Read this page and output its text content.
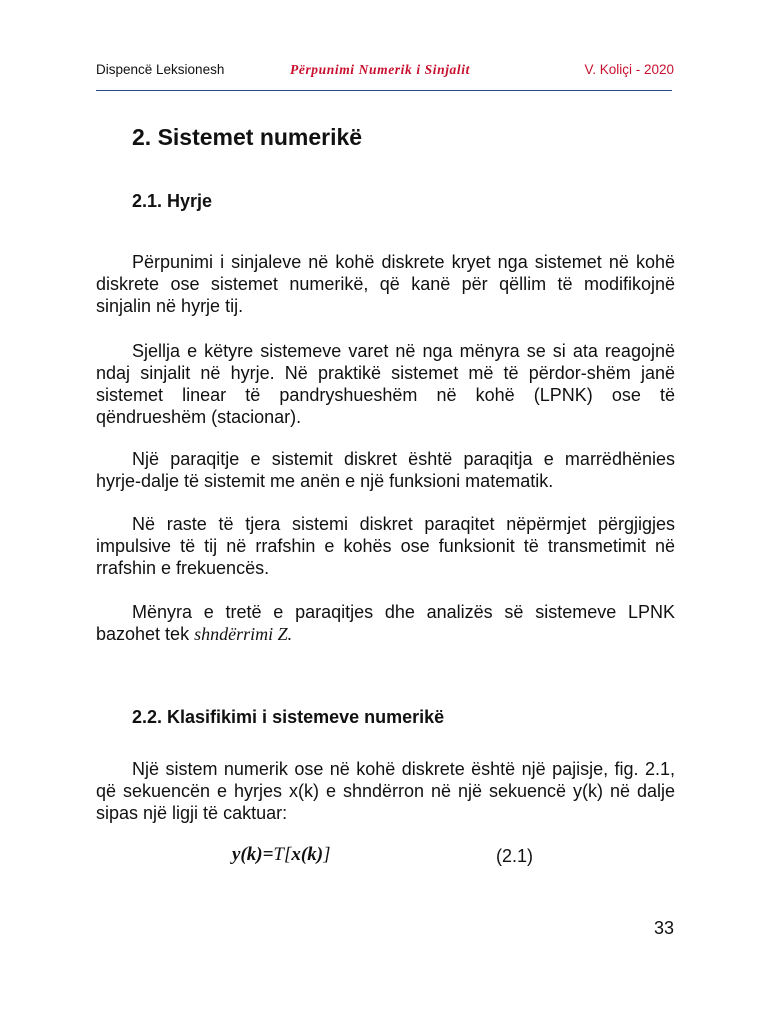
Dispencë Leksionesh	Përpunimi Numerik i Sinjalit	V. Koliçi - 2020
2. Sistemet numerikë
2.1. Hyrje

Përpunimi i sinjaleve në kohë diskrete kryet nga sistemet në kohë diskrete ose sistemet numerikë, që kanë për qëllim të modifikojnë sinjalin në hyrje tij.

Sjellja e këtyre sistemeve varet në nga mënyra se si ata reagojnë ndaj sinjalit në hyrje. Në praktikë sistemet më të përdor-shëm janë sistemet linear të pandryshueshëm në kohë (LPNK) ose të qëndrueshëm (stacionar).

Një paraqitje e sistemit diskret është paraqitja e marrëdhënies hyrje-dalje të sistemit me anën e një funksioni matematik.

Në raste të tjera sistemi diskret paraqitet nëpërmjet përgjigjes impulsive të tij në rrafshin e kohës ose funksionit të transmetimit në rrafshin e frekuencës.

Mënyra e tretë e paraqitjes dhe analizës së sistemeve LPNK bazohet tek shndërrimi Z.

2.2. Klasifikimi i sistemeve numerikë

Një sistem numerik ose në kohë diskrete është një pajisje, fig. 2.1, që sekuencën e hyrjes x(k) e shndërron në një sekuencë y(k) në dalje sipas një ligji të caktuar:

y(k)=T[x(k)]	(2.1)
33
